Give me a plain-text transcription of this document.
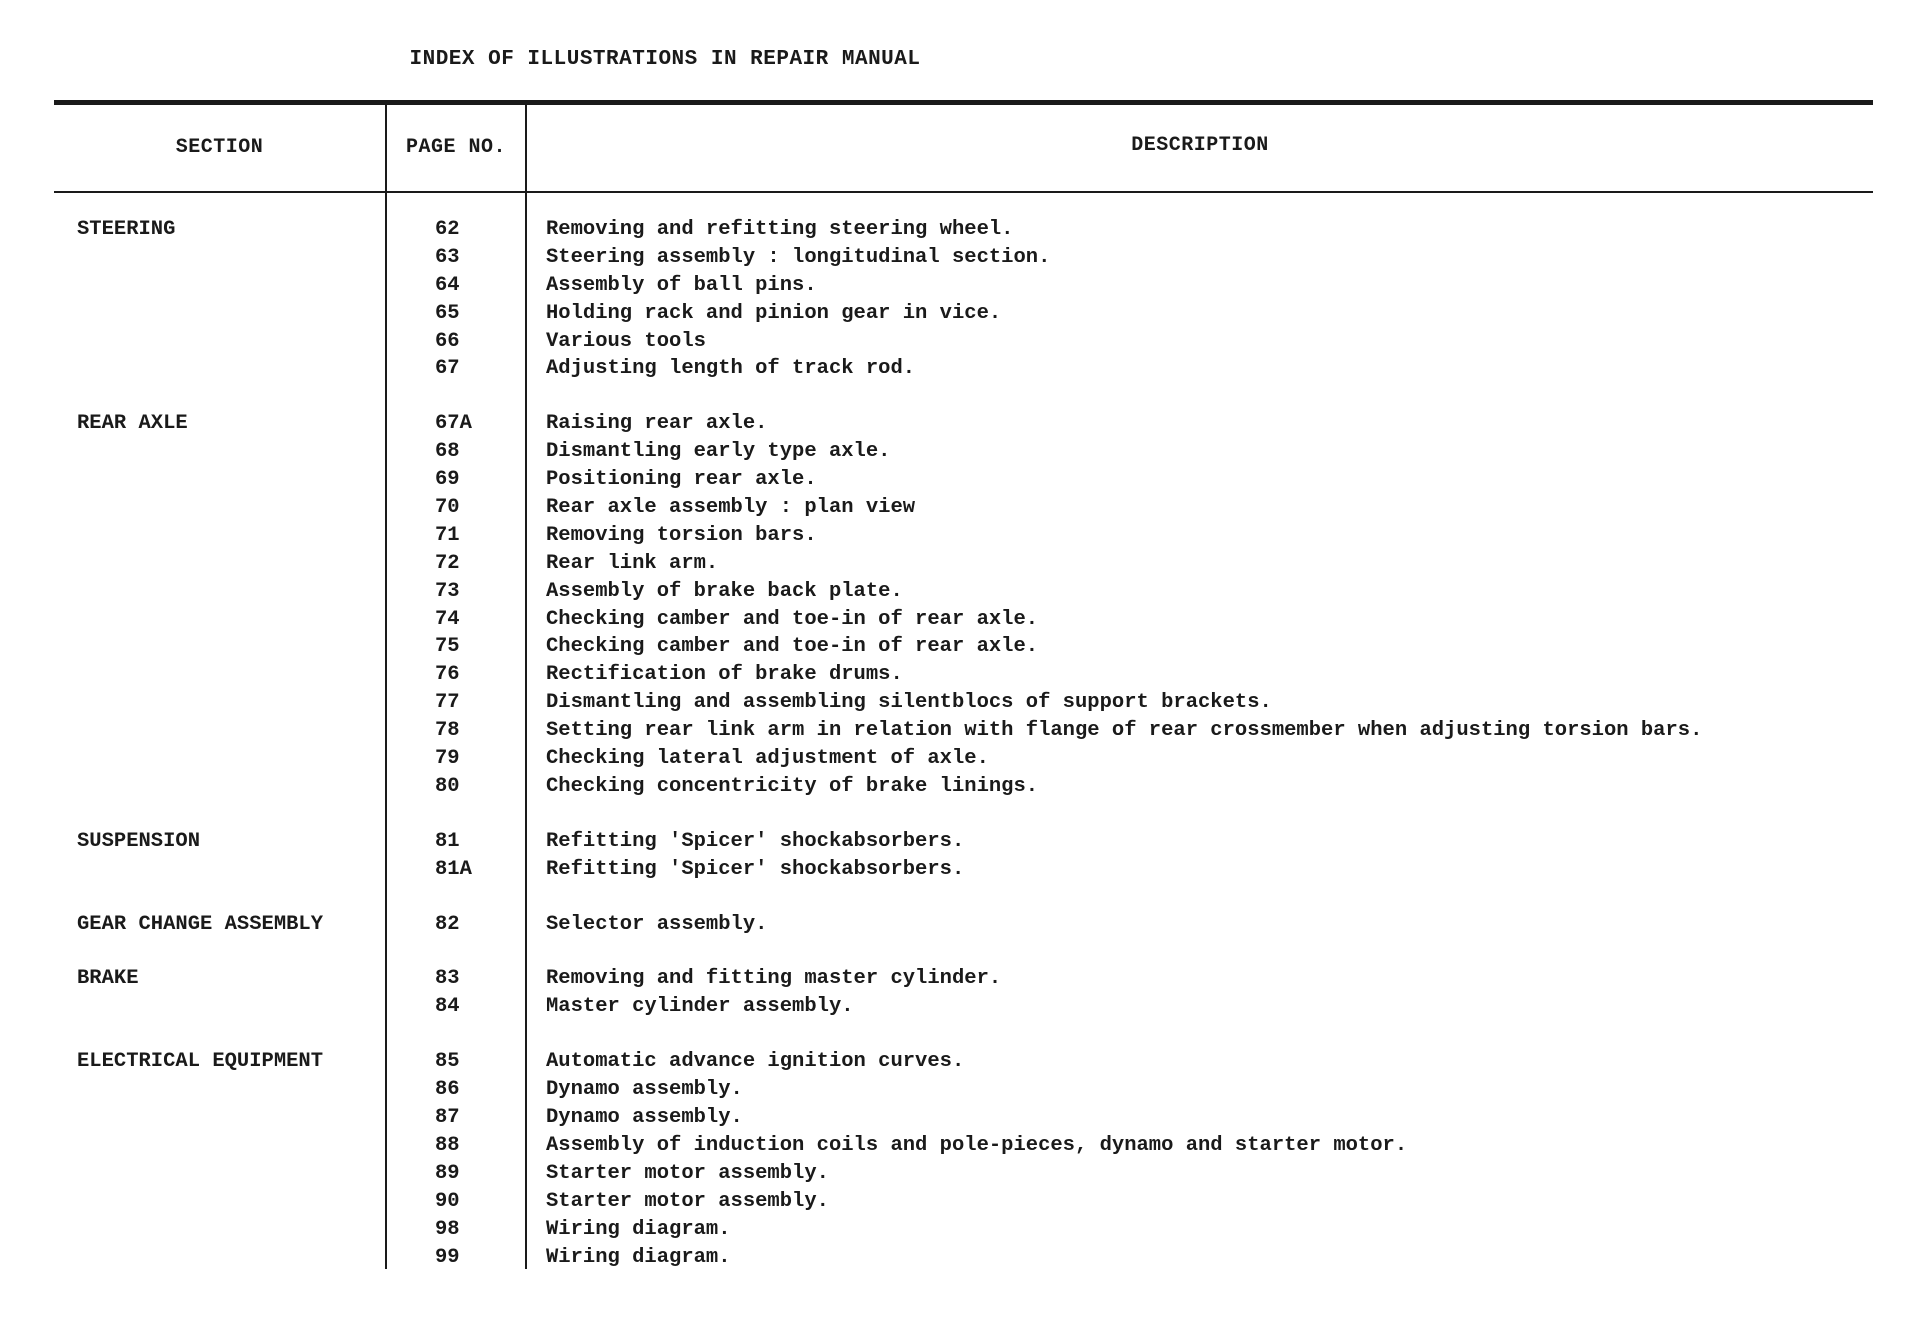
INDEX OF ILLUSTRATIONS IN REPAIR MANUAL
SECTION	PAGE NO.	DESCRIPTION
STEERING	62	Removing and refitting steering wheel.
63	Steering assembly : longitudinal section.
64	Assembly of ball pins.
65	Holding rack and pinion gear in vice.
66	Various tools
67	Adjusting length of track rod.
REAR AXLE	67A	Raising rear axle.
68	Dismantling early type axle.
69	Positioning rear axle.
70	Rear axle assembly : plan view
71	Removing torsion bars.
72	Rear link arm.
73	Assembly of brake back plate.
74	Checking camber and toe-in of rear axle.
75	Checking camber and toe-in of rear axle.
76	Rectification of brake drums.
77	Dismantling and assembling silentblocs of support brackets.
78	Setting rear link arm in relation with flange of rear crossmember when adjusting torsion bars.
79	Checking lateral adjustment of axle.
80	Checking concentricity of brake linings.
SUSPENSION	81	Refitting 'Spicer' shockabsorbers.
81A	Refitting 'Spicer' shockabsorbers.
GEAR CHANGE ASSEMBLY	82	Selector assembly.
BRAKE	83	Removing and fitting master cylinder.
84	Master cylinder assembly.
ELECTRICAL EQUIPMENT	85	Automatic advance ignition curves.
86	Dynamo assembly.
87	Dynamo assembly.
88	Assembly of induction coils and pole-pieces, dynamo and starter motor.
89	Starter motor assembly.
90	Starter motor assembly.
98	Wiring diagram.
99	Wiring diagram.
